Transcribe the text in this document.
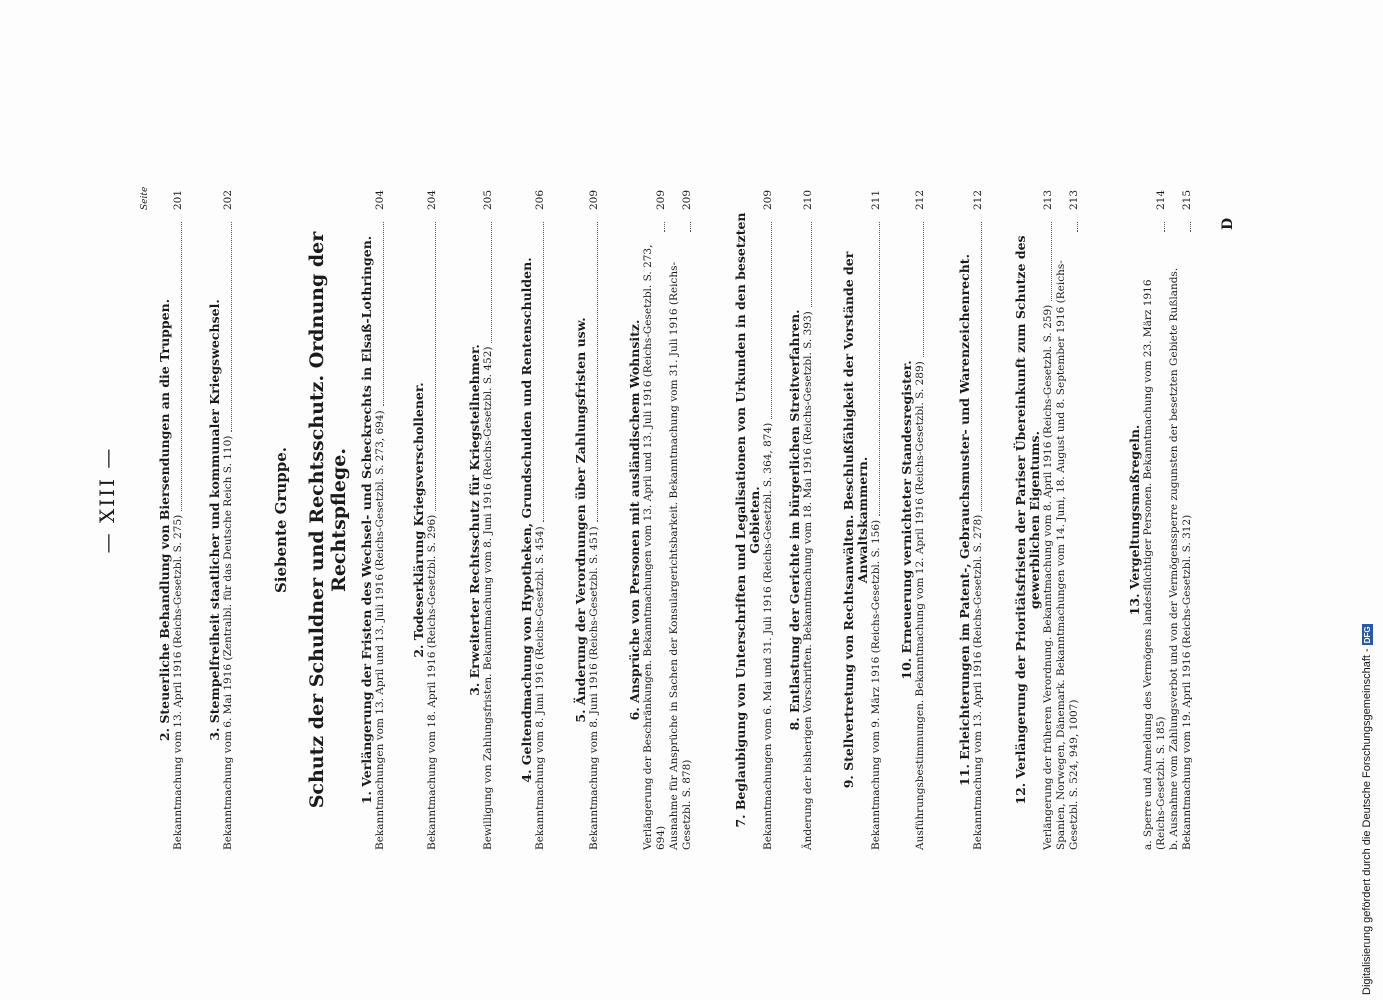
— XIII —
Seite
2. Steuerliche Behandlung von Biersendungen an die Truppen. Bekanntmachung vom 13. April 1916 (Reichs-Gesetzbl. S. 275)
201
3. Stempelfreiheit staatlicher und kommunaler Kriegswechsel. Bekanntmachung vom 6. Mai 1916 (Zentralbl. für das Deutsche Reich S. 110)
202
Siebente Gruppe. Schutz der Schuldner und Rechtsschutz. Ordnung der Rechtspflege. 1. Verlängerung der Fristen des Wechsel- und Scheckrechts in Elsaß-Lothringen. Bekanntmachungen vom 13. April und 13. Juli 1916 (Reichs-Gesetzbl. S. 273, 694)
204
2. Todeserklärung Kriegsverschollener. Bekanntmachung vom 18. April 1916 (Reichs-Gesetzbl. S. 296)
204
3. Erweiterter Rechtsschutz für Kriegsteilnehmer. Bewilligung von Zahlungsfristen. Bekanntmachung vom 8. Juni 1916 (Reichs-Gesetzbl. S. 452)
205
4. Geltendmachung von Hypotheken, Grundschulden und Rentenschulden. Bekanntmachung vom 8. Juni 1916 (Reichs-Gesetzbl. S. 454)
206
5. Änderung der Verordnungen über Zahlungsfristen usw. Bekanntmachung vom 8. Juni 1916 (Reichs-Gesetzbl. S. 451)
209
6. Ansprüche von Personen mit ausländischem Wohnsitz. Verlängerung der Beschränkungen. Bekanntmachungen vom 13. April und 13. Juli 1916 (Reichs-Gesetzbl. S. 273, 694)
209
Ausnahme für Ansprüche in Sachen der Konsulargerichtsbarkeit. Bekanntmachung vom 31. Juli 1916 (Reichs-Gesetzbl. S. 878)
209
7. Beglaubigung von Unterschriften und Legalisationen von Urkunden in den besetzten Gebieten. Bekanntmachungen vom 6. Mai und 31. Juli 1916 (Reichs-Gesetzbl. S. 364, 874)
209
8. Entlastung der Gerichte im bürgerlichen Streitverfahren. Änderung der bisherigen Vorschriften. Bekanntmachung vom 18. Mai 1916 (Reichs-Gesetzbl. S. 393)
210
9. Stellvertretung von Rechtsanwälten. Beschlußfähigkeit der Vorstände der Anwaltskammern. Bekanntmachung vom 9. März 1916 (Reichs-Gesetzbl. S. 156)
211
10. Erneuerung vernichteter Standesregister. Ausführungsbestimmungen. Bekanntmachung vom 12. April 1916 (Reichs-Gesetzbl. S. 289)
212
11. Erleichterungen im Patent-, Gebrauchsmuster- und Warenzeichenrecht. Bekanntmachung vom 13. April 1916 (Reichs-Gesetzbl. S. 278)
212
12. Verlängerung der Prioritätsfristen der Pariser Übereinkunft zum Schutze des gewerblichen Eigentums. Verlängerung der früheren Verordnung. Bekanntmachung vom 8. April 1916 (Reichs-Gesetzbl. S. 259)
213
Spanien, Norwegen, Dänemark. Bekanntmachungen vom 14. Juni, 18. August und 8. September 1916 (Reichs-Gesetzbl. S. 524, 949, 1007)
213
13. Vergeltungsmaßregeln. a. Sperre und Anmeldung des Vermögens landesflüchtiger Personen. Bekanntmachung vom 23. März 1916 (Reichs-Gesetzbl. S. 185)
214
b. Ausnahme vom Zahlungsverbot und von der Vermögenssperre zugunsten der besetzten Gebiete Rußlands. Bekanntmachung vom 19. April 1916 (Reichs-Gesetzbl. S. 312)
215
D
Digitalisierung gefördert durch die Deutsche Forschungsgemeinschaft - DFG
